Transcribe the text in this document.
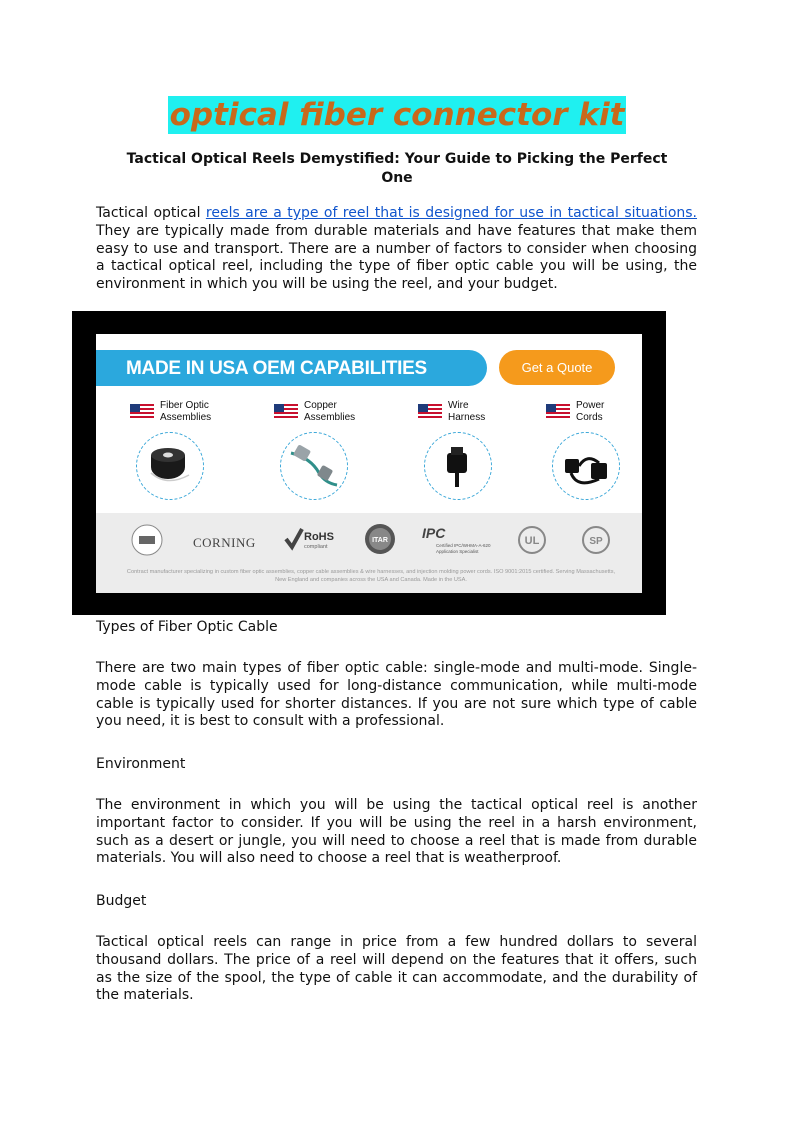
optical fiber connector kit
Tactical Optical Reels Demystified: Your Guide to Picking the Perfect One

Tactical optical reels are a type of reel that is designed for use in tactical situations. They are typically made from durable materials and have features that make them easy to use and transport. There are a number of factors to consider when choosing a tactical optical reel, including the type of fiber optic cable you will be using, the environment in which you will be using the reel, and your budget.

MADE IN USA OEM CAPABILITIES	Get a Quote
Fiber Optic
Assemblies
Copper
Assemblies
Wire
Harness
Power
Cords
CORNING	RoHS
compliant
ITAR IPC
Certified IPC/WHMA-A-620 Application Specialist
UL	SP
Contract manufacturer specializing in custom fiber optic assemblies, copper cable assemblies & wire harnesses, and injection molding power cords. ISO 9001:2015 certified. Serving Massachusetts, New England and companies across the USA and Canada. Made in the USA.
Types of Fiber Optic Cable

There are two main types of fiber optic cable: single-mode and multi-mode. Single-mode cable is typically used for long-distance communication, while multi-mode cable is typically used for shorter distances. If you are not sure which type of cable you need, it is best to consult with a professional.

Environment

The environment in which you will be using the tactical optical reel is another important factor to consider. If you will be using the reel in a harsh environment, such as a desert or jungle, you will need to choose a reel that is made from durable materials. You will also need to choose a reel that is weatherproof.

Budget

Tactical optical reels can range in price from a few hundred dollars to several thousand dollars. The price of a reel will depend on the features that it offers, such as the size of the spool, the type of cable it can accommodate, and the durability of the materials.
